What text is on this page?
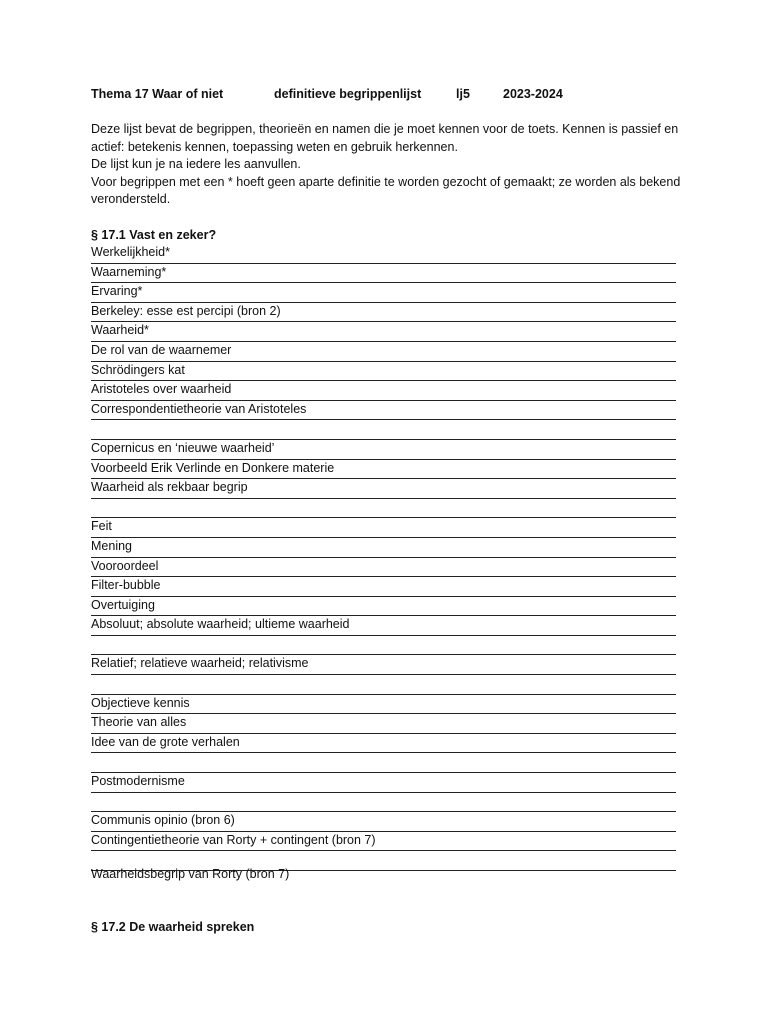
Thema 17 Waar of niet	definitieve begrippenlijst	lj5	2023-2024

Deze lijst bevat de begrippen, theorieën en namen die je moet kennen voor de toets. Kennen is passief en actief: betekenis kennen, toepassing weten en gebruik herkennen.

De lijst kun je na iedere les aanvullen.

Voor begrippen met een * hoeft geen aparte definitie te worden gezocht of gemaakt; ze worden als bekend verondersteld.

§ 17.1 Vast en zeker?
Werkelijkheid*
Waarneming*
Ervaring*
Berkeley: esse est percipi (bron 2)
Waarheid*
De rol van de waarnemer
Schrödingers kat
Aristoteles over waarheid
Correspondentietheorie van Aristoteles
Copernicus en ‘nieuwe waarheid’
Voorbeeld Erik Verlinde en Donkere materie
Waarheid als rekbaar begrip
Feit
Mening
Vooroordeel
Filter-bubble
Overtuiging
Absoluut; absolute waarheid; ultieme waarheid
Relatief; relatieve waarheid; relativisme
Objectieve kennis
Theorie van alles
Idee van de grote verhalen
Postmodernisme
Communis opinio (bron 6)
Contingentietheorie van Rorty + contingent (bron 7)
Waarheidsbegrip van Rorty (bron 7)
§ 17.2 De waarheid spreken
